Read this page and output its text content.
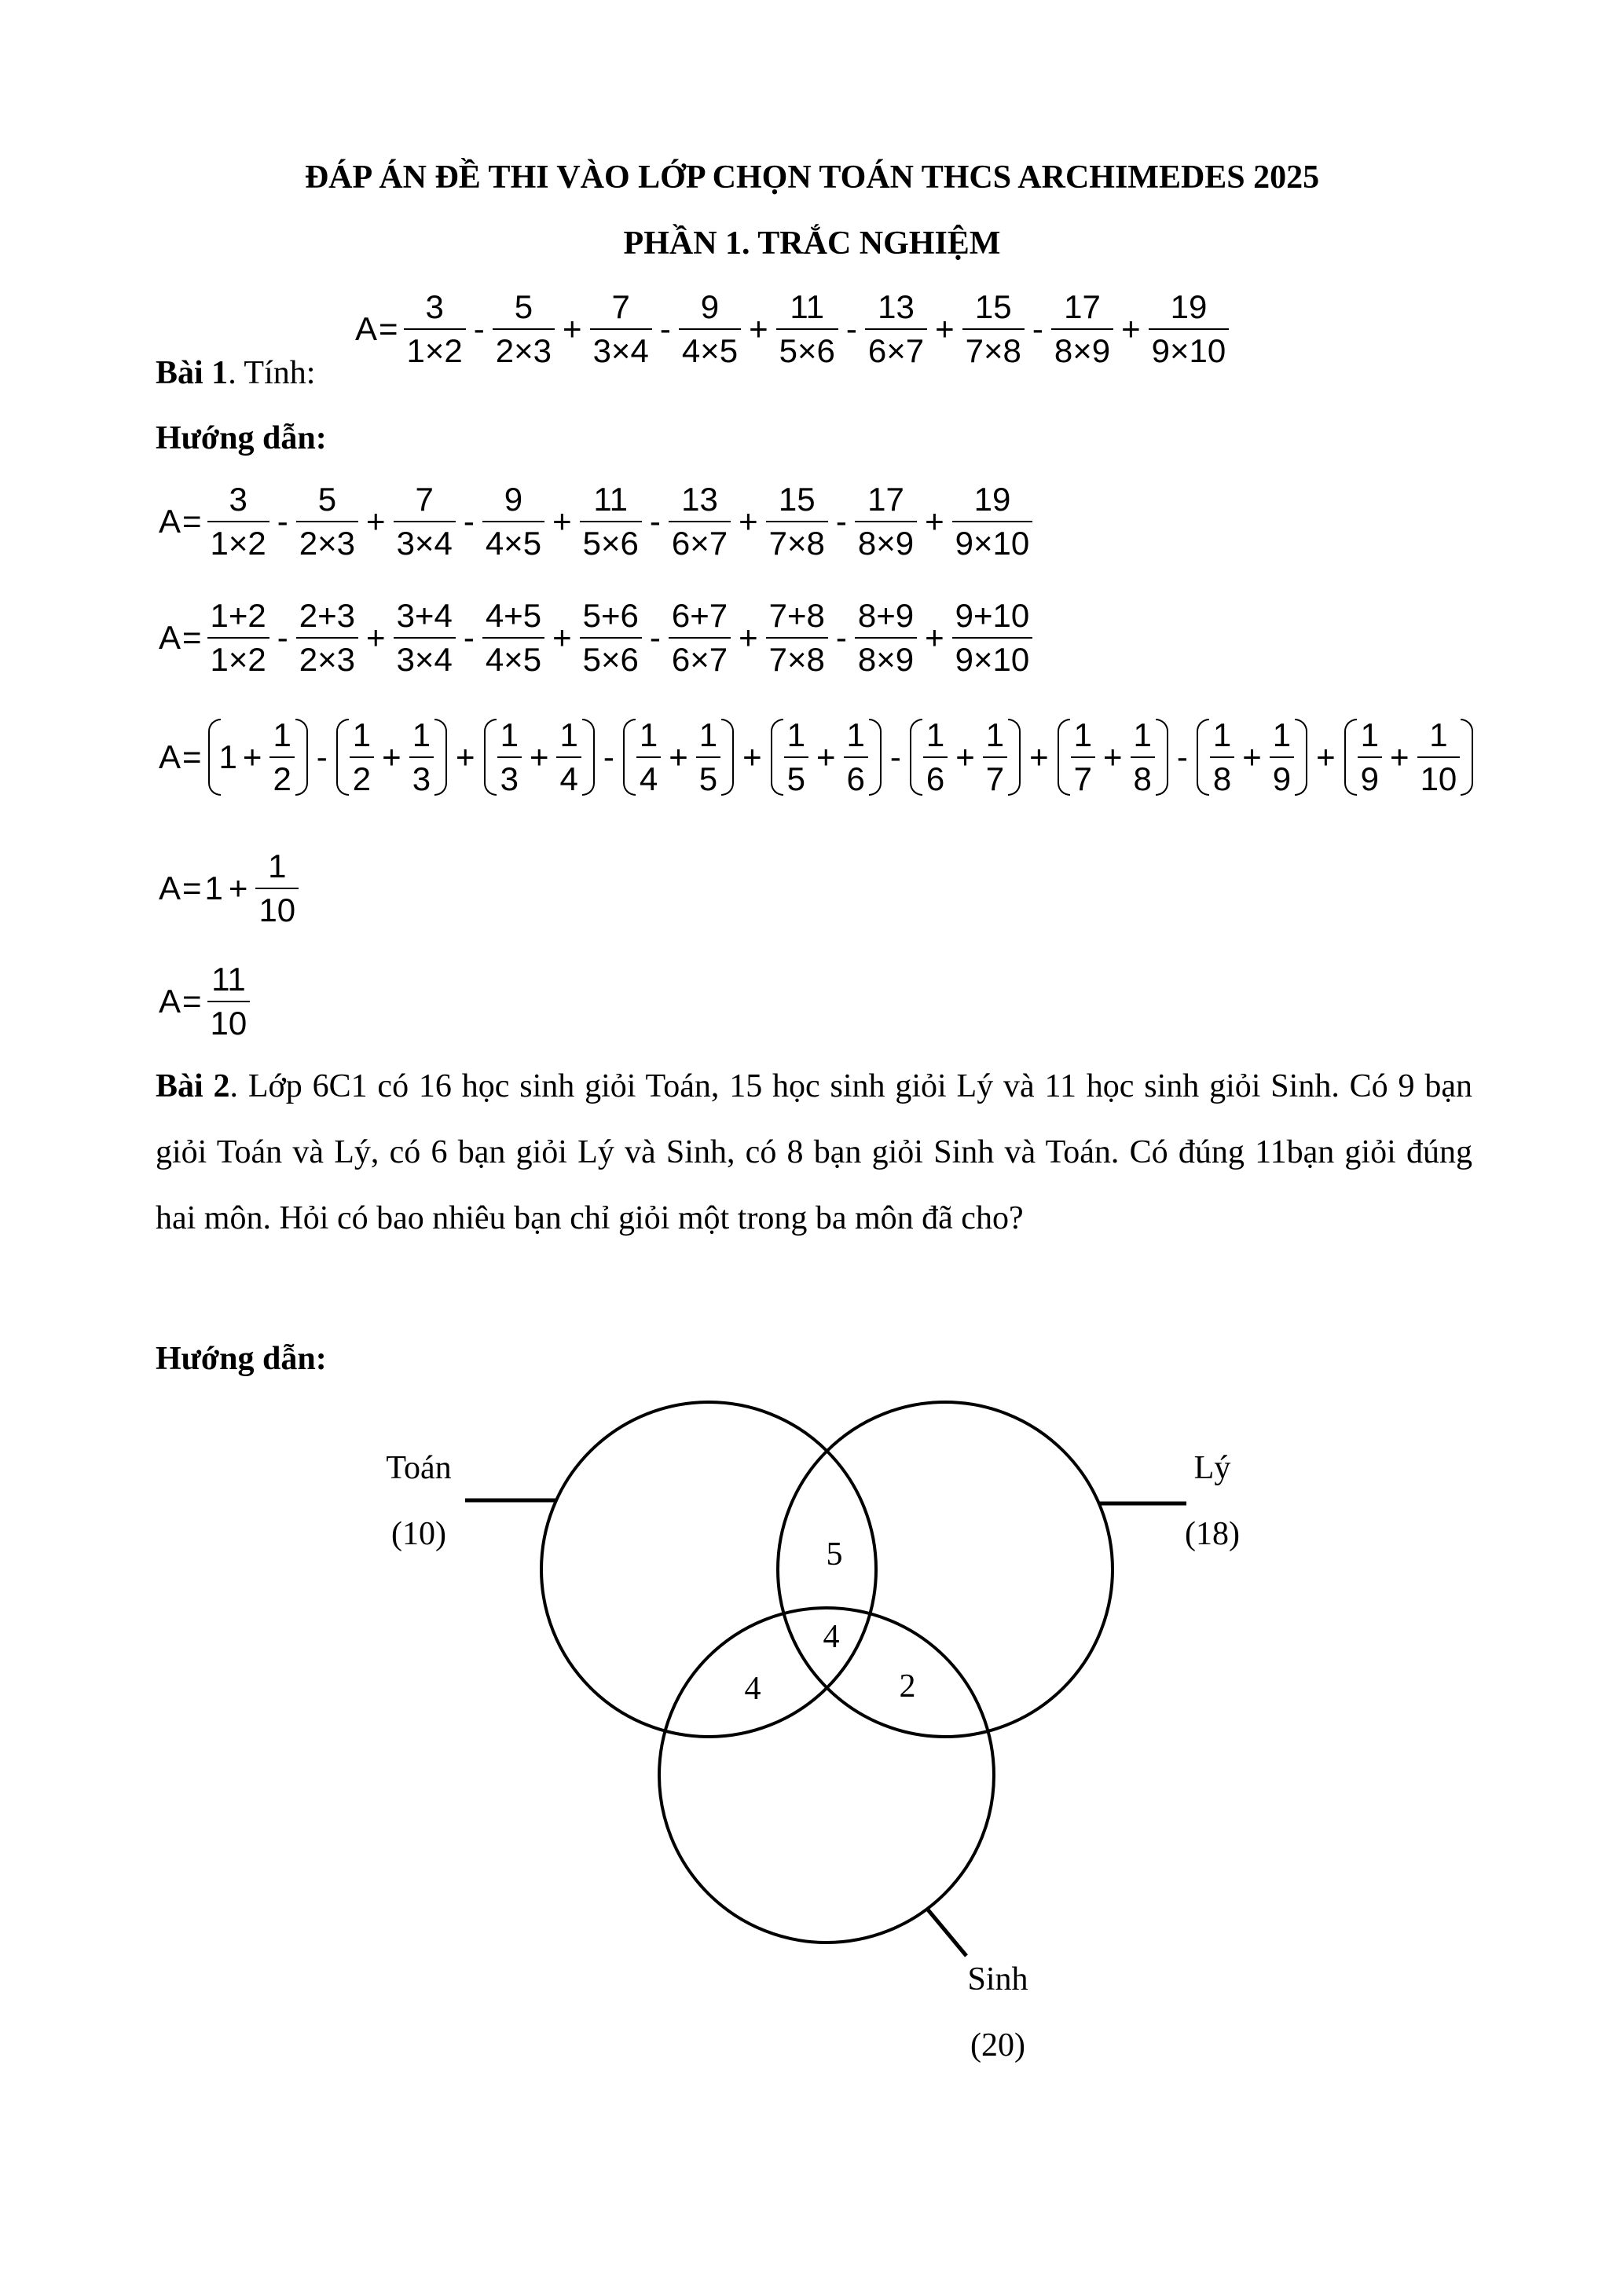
ĐÁP ÁN ĐỀ THI VÀO LỚP CHỌN TOÁN THCS ARCHIMEDES 2025
PHẦN 1. TRẮC NGHIỆM
Bài 1. Tính:
$A = \frac{3}{1\times 2} - \frac{5}{2\times 3} + \frac{7}{3\times 4} - \frac{9}{4\times 5} + \frac{11}{5\times 6} - \frac{13}{6\times 7} + \frac{15}{7\times 8} - \frac{17}{8\times 9} + \frac{19}{9\times 10}$
Hướng dẫn:
$A = \frac{3}{1\times 2} - \frac{5}{2\times 3} + \frac{7}{3\times 4} - \frac{9}{4\times 5} + \frac{11}{5\times 6} - \frac{13}{6\times 7} + \frac{15}{7\times 8} - \frac{17}{8\times 9} + \frac{19}{9\times 10}$
$A = \frac{1+2}{1\times 2} - \frac{2+3}{2\times 3} + \frac{3+4}{3\times 4} - \frac{4+5}{4\times 5} + \frac{5+6}{5\times 6} - \frac{6+7}{6\times 7} + \frac{7+8}{7\times 8} - \frac{8+9}{8\times 9} + \frac{9+10}{9\times 10}$
$A = 1 + \frac{1}{2} - \frac{1}{2} + \frac{1}{3} + \frac{1}{3} + \frac{1}{4} - \frac{1}{4} + \frac{1}{5} + \frac{1}{5} + \frac{1}{6} - \frac{1}{6} + \frac{1}{7} + \frac{1}{7} + \frac{1}{8} - \frac{1}{8} + \frac{1}{9} + \frac{1}{9} + \frac{1}{10}$
$A = 1 + \frac{1}{10}$
$A = \frac{11}{10}$
Bài 2. Lớp 6C1 có 16 học sinh giỏi Toán, 15 học sinh giỏi Lý và 11 học sinh giỏi Sinh. Có 9 bạn giỏi Toán và Lý, có 6 bạn giỏi Lý và Sinh, có 8 bạn giỏi Sinh và Toán. Có đúng 11bạn giỏi đúng hai môn. Hỏi có bao nhiêu bạn chỉ giỏi một trong ba môn đã cho?
Hướng dẫn:
Toán
(10)
Lý
(18)
Sinh
(20)
5
4
4	2
